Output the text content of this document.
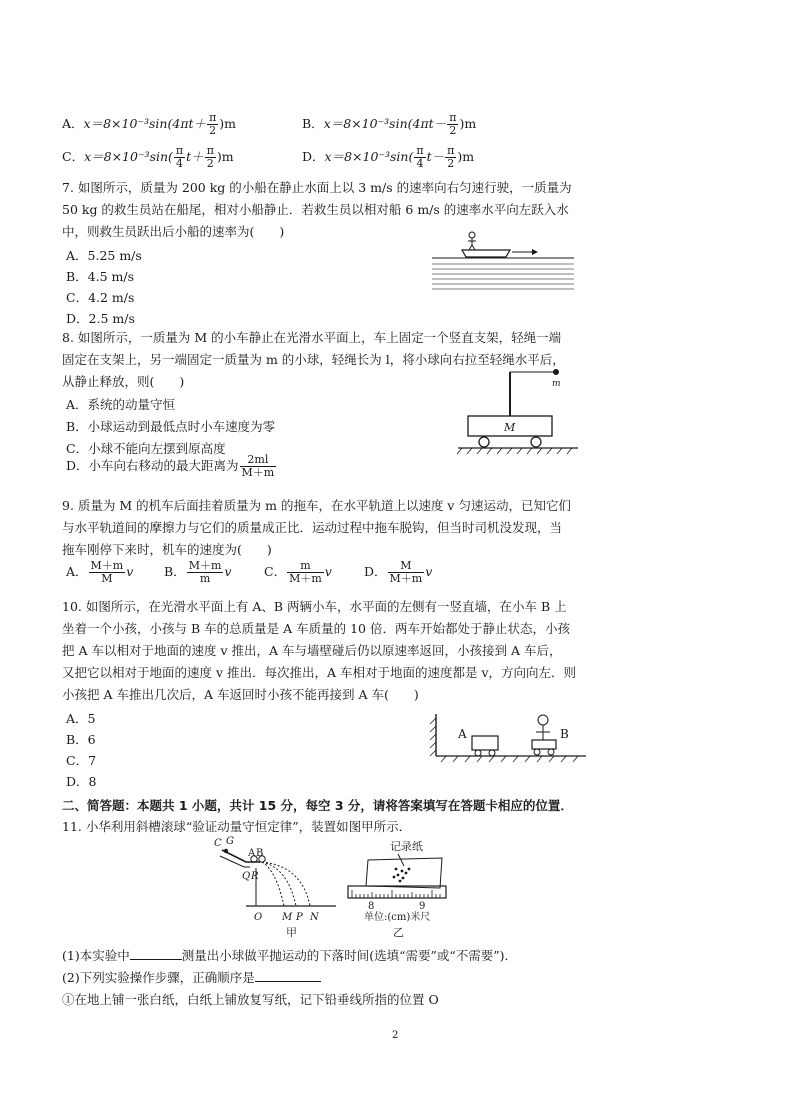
A．$x=8\times 10^{-3}\sin(4\pi t+ \frac{\pi}{2} )m$	B．$x=8\times 10^{-3}\sin(4\pi t- \frac{\pi}{2} )m$
C．$x=8\times 10^{-3}\sin( \frac{\pi}{4} t+ \frac{\pi}{2} )m$	D．$x=8\times 10^{-3}\sin( \frac{\pi}{4} t- \frac{\pi}{2} )m$
7. 如图所示，质量为 200 kg 的小船在静止水面上以 3 m/s 的速率向右匀速行驶，一质量为
50 kg 的救生员站在船尾，相对小船静止．若救生员以相对船 6 m/s 的速率水平向左跃入水
中，则救生员跃出后小船的速率为(　　)
A．5.25 m/s
B．4.5 m/s
C．4.2 m/s
D．2.5 m/s
8. 如图所示，一质量为 M 的小车静止在光滑水平面上，车上固定一个竖直支架，轻绳一端
固定在支架上，另一端固定一质量为 m 的小球，轻绳长为 l，将小球向右拉至轻绳水平后，
从静止释放，则(　　)
A．系统的动量守恒
B．小球运动到最低点时小车速度为零
C．小球不能向左摆到原高度
D．小车向右移动的最大距离为 $\frac{2ml}{M+m}$
m
M
9. 质量为 M 的机车后面挂着质量为 m 的拖车，在水平轨道上以速度 v 匀速运动，已知它们
与水平轨道间的摩擦力与它们的质量成正比．运动过程中拖车脱钩，但当时司机没发现，当
拖车刚停下来时，机车的速度为(　　)
A． $\frac{M+m}{M}$ v B． $\frac{M+m}{m}$ v	C． $\frac{m}{M+m}$ v	D． $\frac{M}{M+m}$ v
10. 如图所示，在光滑水平面上有 A、B 两辆小车，水平面的左侧有一竖直墙，在小车 B 上
坐着一个小孩，小孩与 B 车的总质量是 A 车质量的 10 倍．两车开始都处于静止状态，小孩
把 A 车以相对于地面的速度 v 推出，A 车与墙壁碰后仍以原速率返回，小孩接到 A 车后，
又把它以相对于地面的速度 v 推出．每次推出，A 车相对于地面的速度都是 v，方向向左．则
小孩把 A 车推出几次后，A 车返回时小孩不能再接到 A 车(　　)
A．5
B．6
C．7
D．8
A	B
二、简答题：本题共 1 小题，共计 15 分，每空 3 分，请将答案填写在答题卡相应的位置．
11. 小华利用斜槽滚球“验证动量守恒定律”，装置如图甲所示．
C G
A B
Q R
O M P N
甲
记录纸
8	9
单位:(cm)米尺
乙
(1)本实验中	测量出小球做平抛运动的下落时间(选填“需要”或“不需要”)．
(2)下列实验操作步骤，正确顺序是
①在地上铺一张白纸，白纸上铺放复写纸，记下铅垂线所指的位置 O
2
